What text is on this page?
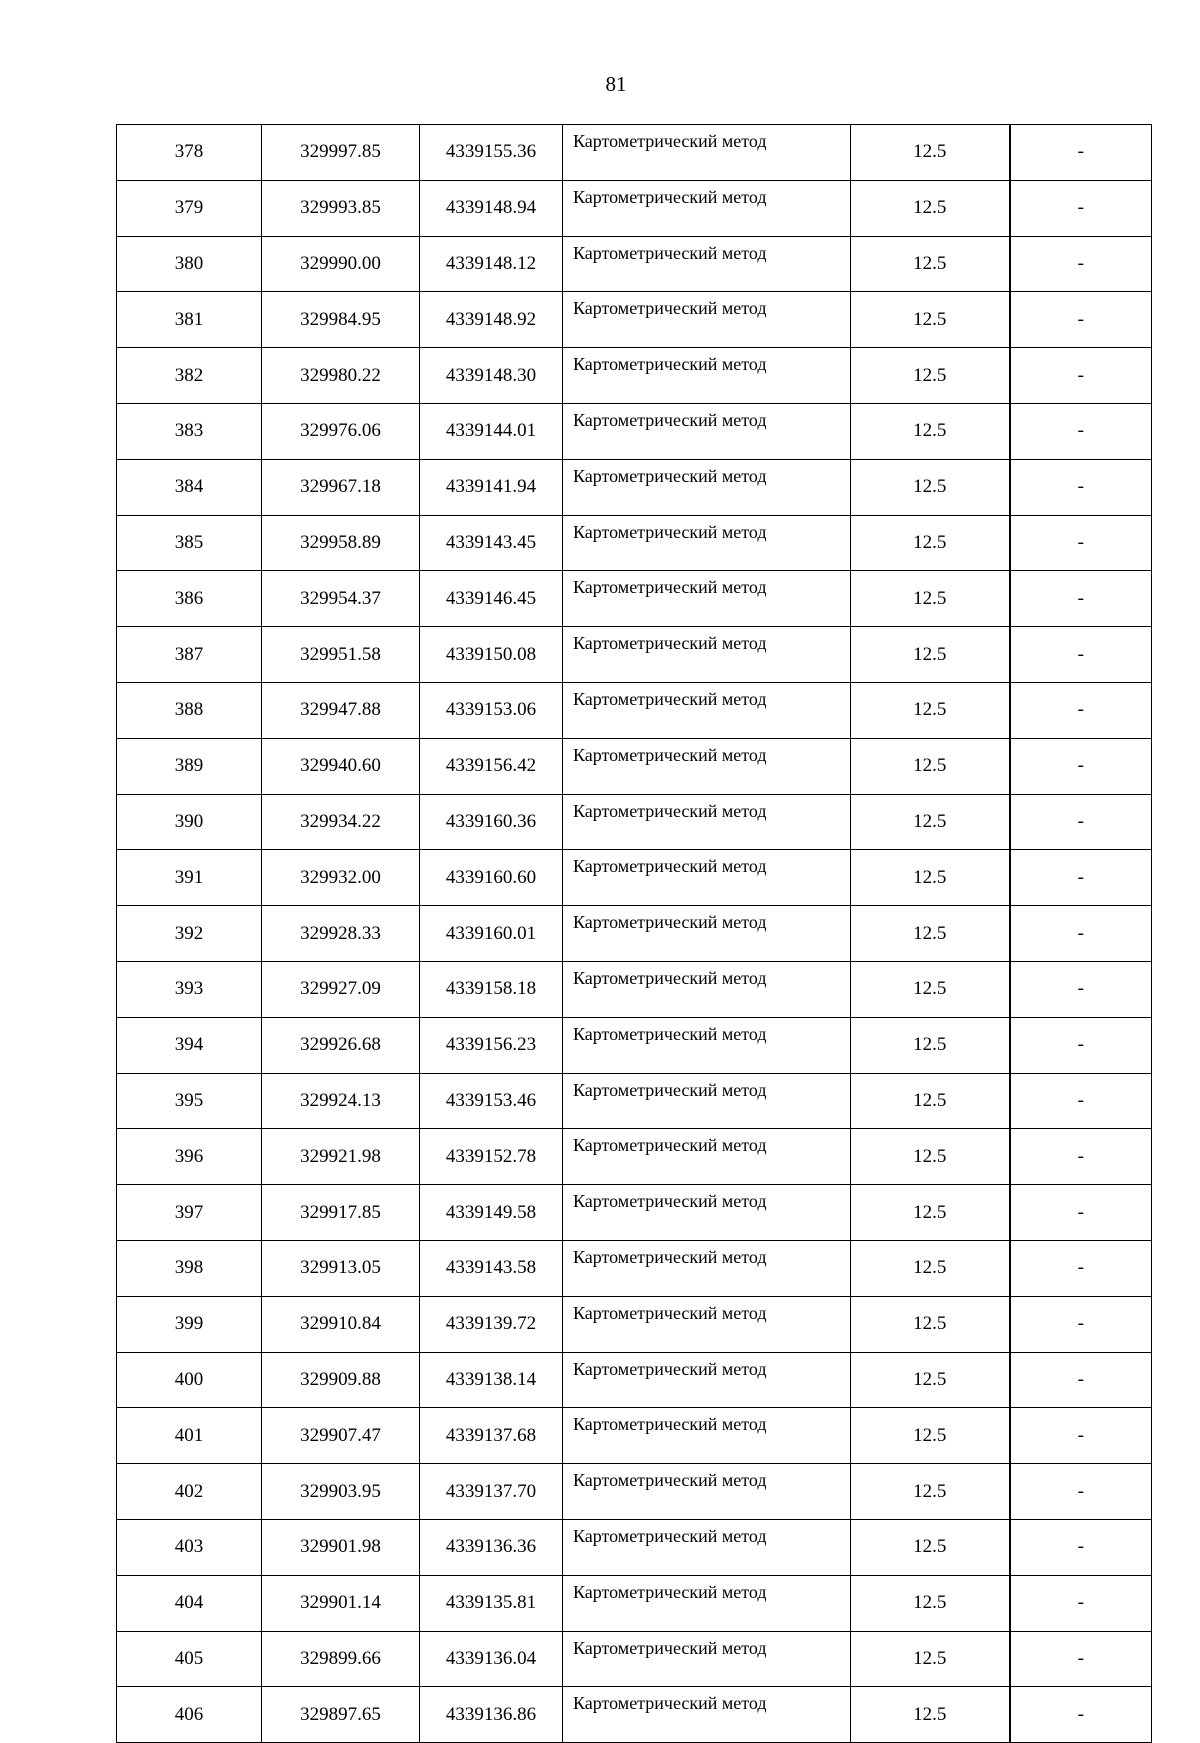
81
378	329997.85	4339155.36	Картометрический метод	12.5	-
379	329993.85	4339148.94	Картометрический метод	12.5	-
380	329990.00	4339148.12	Картометрический метод	12.5	-
381	329984.95	4339148.92	Картометрический метод	12.5	-
382	329980.22	4339148.30	Картометрический метод	12.5	-
383	329976.06	4339144.01	Картометрический метод	12.5	-
384	329967.18	4339141.94	Картометрический метод	12.5	-
385	329958.89	4339143.45	Картометрический метод	12.5	-
386	329954.37	4339146.45	Картометрический метод	12.5	-
387	329951.58	4339150.08	Картометрический метод	12.5	-
388	329947.88	4339153.06	Картометрический метод	12.5	-
389	329940.60	4339156.42	Картометрический метод	12.5	-
390	329934.22	4339160.36	Картометрический метод	12.5	-
391	329932.00	4339160.60	Картометрический метод	12.5	-
392	329928.33	4339160.01	Картометрический метод	12.5	-
393	329927.09	4339158.18	Картометрический метод	12.5	-
394	329926.68	4339156.23	Картометрический метод	12.5	-
395	329924.13	4339153.46	Картометрический метод	12.5	-
396	329921.98	4339152.78	Картометрический метод	12.5	-
397	329917.85	4339149.58	Картометрический метод	12.5	-
398	329913.05	4339143.58	Картометрический метод	12.5	-
399	329910.84	4339139.72	Картометрический метод	12.5	-
400	329909.88	4339138.14	Картометрический метод	12.5	-
401	329907.47	4339137.68	Картометрический метод	12.5	-
402	329903.95	4339137.70	Картометрический метод	12.5	-
403	329901.98	4339136.36	Картометрический метод	12.5	-
404	329901.14	4339135.81	Картометрический метод	12.5	-
405	329899.66	4339136.04	Картометрический метод	12.5	-
406	329897.65	4339136.86	Картометрический метод	12.5	-
